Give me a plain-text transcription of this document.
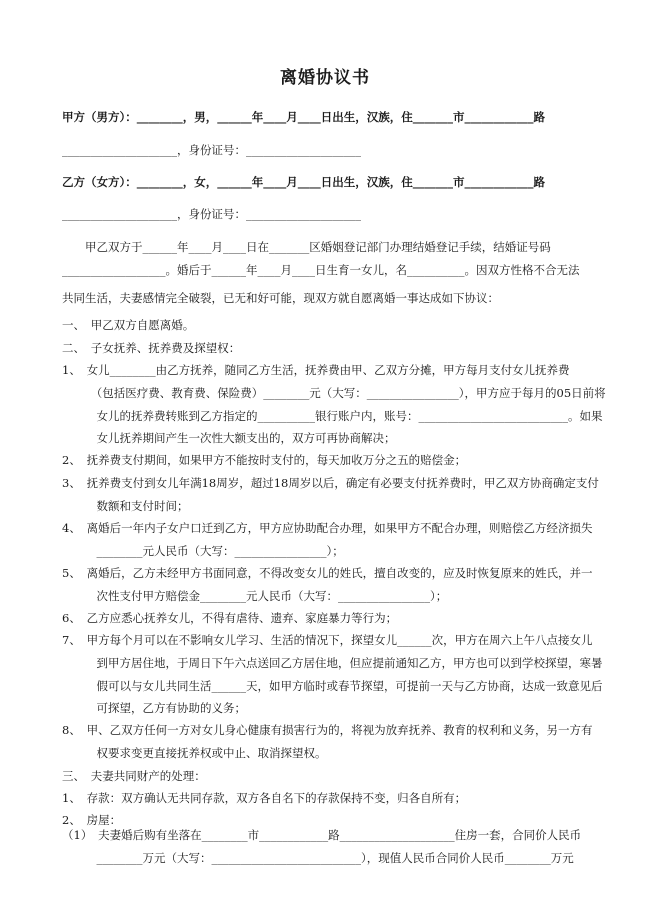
离婚协议书
甲方（男方）：________，男，______年____月____日出生，汉族，住_______市____________路
____________________，身份证号：____________________
乙方（女方）：________，女，______年____月____日出生，汉族，住_______市____________路
____________________，身份证号：____________________
　　甲乙双方于______年____月____日在_______区婚姻登记部门办理结婚登记手续，结婚证号码
__________________。婚后于______年____月____日生育一女儿，名__________。因双方性格不合无法
共同生活，夫妻感情完全破裂，已无和好可能，现双方就自愿离婚一事达成如下协议：
一、　甲乙双方自愿离婚。
二、　子女抚养、抚养费及探望权：
1、　女儿________由乙方抚养，随同乙方生活，抚养费由甲、乙双方分摊，甲方每月支付女儿抚养费
　　　（包括医疗费、教育费、保险费）________元（大写：________________），甲方应于每月的05日前将
　　　女儿的抚养费转账到乙方指定的__________银行账户内，账号：__________________________。如果
　　　女儿抚养期间产生一次性大额支出的，双方可再协商解决；
2、　抚养费支付期间，如果甲方不能按时支付的，每天加收万分之五的赔偿金；
3、　抚养费支付到女儿年满18周岁，超过18周岁以后，确定有必要支付抚养费时，甲乙双方协商确定支付
　　　数额和支付时间；
4、　离婚后一年内子女户口迁到乙方，甲方应协助配合办理，如果甲方不配合办理，则赔偿乙方经济损失
　　　________元人民币（大写：________________）；
5、　离婚后，乙方未经甲方书面同意，不得改变女儿的姓氏，擅自改变的，应及时恢复原来的姓氏，并一
　　　次性支付甲方赔偿金________元人民币（大写：________________）；
6、　乙方应悉心抚养女儿，不得有虐待、遗弃、家庭暴力等行为；
7、　甲方每个月可以在不影响女儿学习、生活的情况下，探望女儿______次，甲方在周六上午八点接女儿
　　　到甲方居住地，于周日下午六点送回乙方居住地，但应提前通知乙方，甲方也可以到学校探望，寒暑
　　　假可以与女儿共同生活______天，如甲方临时或春节探望，可提前一天与乙方协商，达成一致意见后
　　　可探望，乙方有协助的义务；
8、　甲、乙双方任何一方对女儿身心健康有损害行为的，将视为放弃抚养、教育的权利和义务，另一方有
　　　权要求变更直接抚养权或中止、取消探望权。
三、　夫妻共同财产的处理：
1、　存款：双方确认无共同存款，双方各自名下的存款保持不变，归各自所有；
2、　房屋：
（1）　夫妻婚后购有坐落在________市____________路____________________住房一套，合同价人民币
　　　________万元（大写：__________________________），现值人民币合同价人民币________万元
